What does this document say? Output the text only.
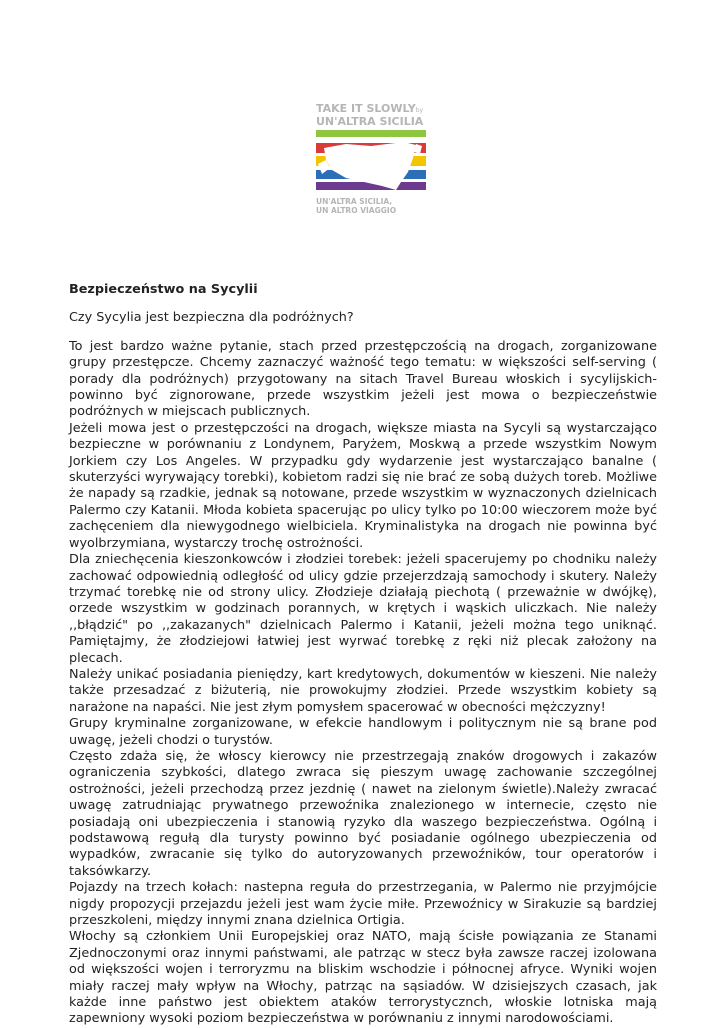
TAKE IT SLOWLYby
UN'ALTRA SICILIA
UN'ALTRA SICILIA,
UN ALTRO VIAGGIO

Bezpieczeństwo na Sycylii

Czy Sycylia jest bezpieczna dla podróżnych?

To jest bardzo ważne pytanie, stach przed przestępczością na drogach, zorganizowane grupy przestępcze. Chcemy zaznaczyć ważność tego tematu: w większości self-serving ( porady dla podróżnych) przygotowany na sitach Travel Bureau włoskich i sycylijskich- powinno być zignorowane, przede wszystkim jeżeli jest mowa o bezpieczeństwie podróżnych w miejscach publicznych.

Jeżeli mowa jest o przestępczości na drogach, większe miasta na Sycyli są wystarczająco bezpieczne w porównaniu z Londynem, Paryżem, Moskwą a przede wszystkim Nowym Jorkiem czy Los Angeles. W przypadku gdy wydarzenie jest wystarczająco banalne ( skuterzyści wyrywający torebki), kobietom radzi się nie brać ze sobą dużych toreb. Możliwe że napady są rzadkie, jednak są notowane, przede wszystkim w wyznaczonych dzielnicach Palermo czy Katanii. Młoda kobieta spacerując po ulicy tylko po 10:00 wieczorem może być zachęceniem dla niewygodnego wielbiciela. Kryminalistyka na drogach nie powinna być wyolbrzymiana, wystarczy trochę ostrożności.

Dla zniechęcenia kieszonkowców i złodziei torebek: jeżeli spacerujemy po chodniku należy zachować odpowiednią odległość od ulicy gdzie przejerzdzają samochody i skutery. Należy trzymać torebkę nie od strony ulicy. Złodzieje działają piechotą ( przeważnie w dwójkę), orzede wszystkim w godzinach porannych, w krętych i wąskich uliczkach. Nie należy ,,błądzić" po ,,zakazanych" dzielnicach Palermo i Katanii, jeżeli można tego uniknąć. Pamiętajmy, że złodziejowi łatwiej jest wyrwać torebkę z ręki niż plecak założony na plecach.

Należy unikać posiadania pieniędzy, kart kredytowych, dokumentów w kieszeni. Nie należy także przesadzać z biżuterią, nie prowokujmy złodziei. Przede wszystkim kobiety są narażone na napaści. Nie jest złym pomysłem spacerować w obecności mężczyzny!

Grupy kryminalne zorganizowane, w efekcie handlowym i politycznym nie są brane pod uwagę, jeżeli chodzi o turystów.

Często zdaża się, że włoscy kierowcy nie przestrzegają znaków drogowych i zakazów ograniczenia szybkości, dlatego zwraca się pieszym uwagę zachowanie szczególnej ostrożności, jeżeli przechodzą przez jezdnię ( nawet na zielonym świetle).Należy zwracać uwagę zatrudniając prywatnego przewoźnika znalezionego w internecie, często nie posiadają oni ubezpieczenia i stanowią ryzyko dla waszego bezpieczeństwa. Ogólną i podstawową regułą dla turysty powinno być posiadanie ogólnego ubezpieczenia od wypadków, zwracanie się tylko do autoryzowanych przewoźników, tour operatorów i taksówkarzy.

Pojazdy na trzech kołach: nastepna reguła do przestrzegania, w Palermo nie przyjmójcie nigdy propozycji przejazdu jeżeli jest wam życie miłe. Przewoźnicy w Sirakuzie są bardziej przeszkoleni, między innymi znana dzielnica Ortigia.

Włochy są członkiem Unii Europejskiej oraz NATO, mają ścisłe powiązania ze Stanami Zjednoczonymi oraz innymi państwami, ale patrząc w stecz była zawsze raczej izolowana od większości wojen i terroryzmu na bliskim wschodzie i północnej afryce. Wyniki wojen miały raczej mały wpływ na Włochy, patrząc na sąsiadów. W dzisiejszych czasach, jak każde inne państwo jest obiektem ataków terrorystycznch, włoskie lotniska mają zapewniony wysoki poziom bezpieczeństwa w porównaniu z innymi narodowościami.
